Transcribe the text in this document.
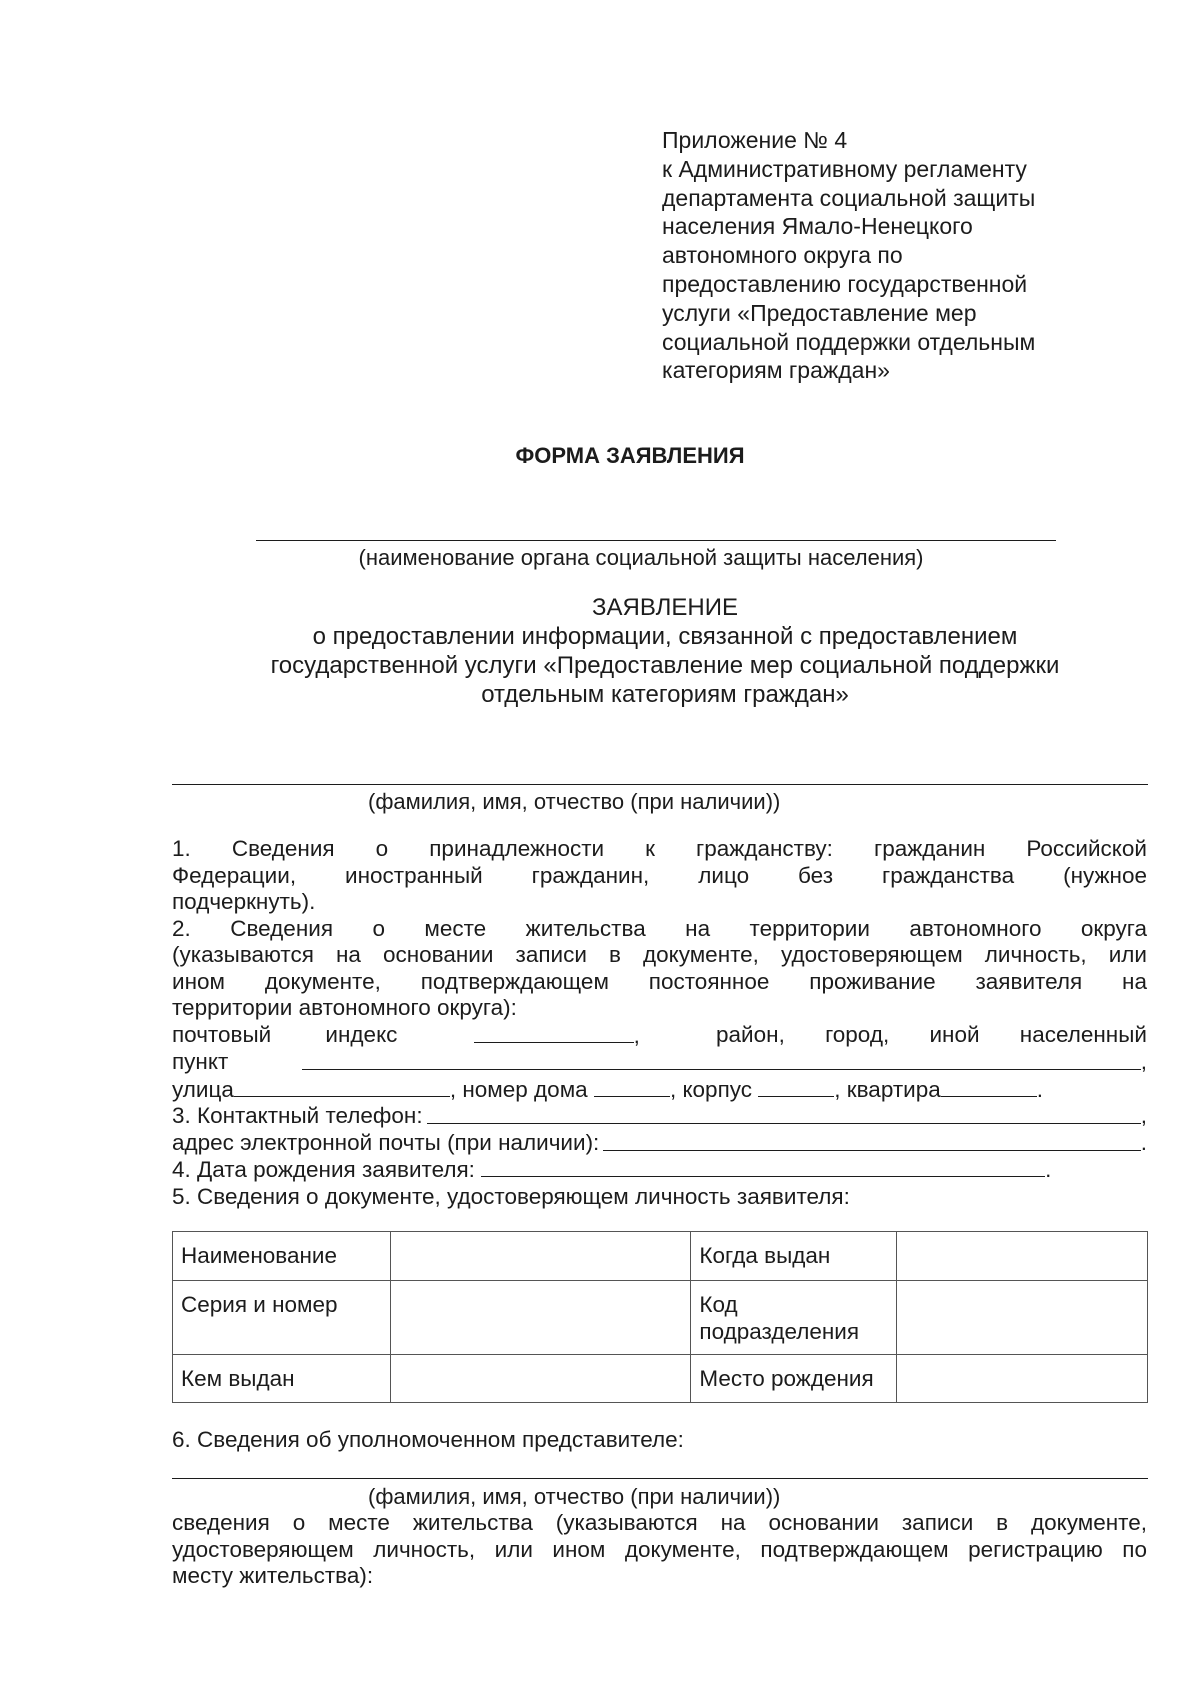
Приложение № 4
к Административному регламенту
департамента социальной защиты
населения Ямало-Ненецкого
автономного округа по
предоставлению государственной
услуги «Предоставление мер
социальной поддержки отдельным
категориям граждан»
ФОРМА ЗАЯВЛЕНИЯ
(наименование органа социальной защиты населения)
ЗАЯВЛЕНИЕ
о предоставлении информации, связанной с предоставлением
государственной услуги «Предоставление мер социальной поддержки
отдельным категориям граждан»
(фамилия, имя, отчество (при наличии))
1. Сведения о принадлежности к гражданству: гражданин Российской
Федерации, иностранный гражданин, лицо без гражданства (нужное
подчеркнуть).
2. Сведения о месте жительства на территории автономного округа
(указываются на основании записи в документе, удостоверяющем личность, или
ином документе, подтверждающем постоянное проживание заявителя на
территории автономного округа):
почтовый индекс	,	район, город, иной населенный
пункт	,
улица	, номер дома	, корпус	, квартира	.
3. Контактный телефон:	,
адрес электронной почты (при наличии):	.
4. Дата рождения заявителя:	.
5. Сведения о документе, удостоверяющем личность заявителя:
Наименование		Когда выдан	
Серия и номер		Код подразделения	
Кем выдан		Место рождения	
6. Сведения об уполномоченном представителе:
(фамилия, имя, отчество (при наличии))
сведения о месте жительства (указываются на основании записи в документе,
удостоверяющем личность, или ином документе, подтверждающем регистрацию по
месту жительства):
